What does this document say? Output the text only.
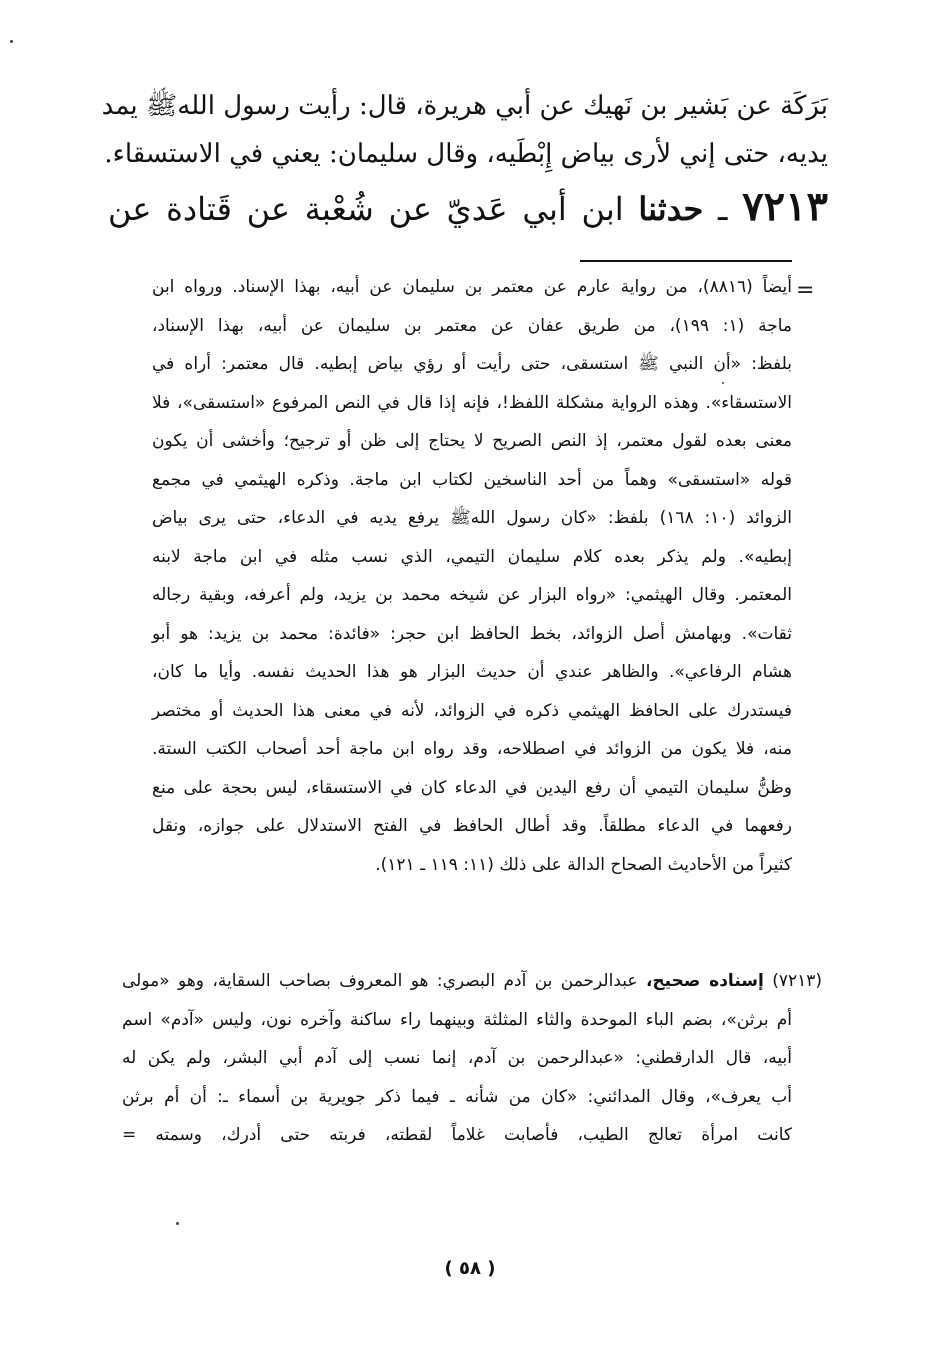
بَرَكَة عن بَشير بن نَهيك عن أبي هريرة، قال: رأيت رسول اللهﷺ يمد
يديه، حتى إني لأرى بياض إِبْطَيه، وقال سليمان: يعني في الاستسقاء.
٧٢١٣ ـ حدثنا ابن أبي عَديّ عن شُعْبة عن قَتادة عن
=
أيضاً (٨٨١٦)، من رواية عارم عن معتمر بن سليمان عن أبيه، بهذا الإسناد. ورواه ابن
ماجة (١: ١٩٩)، من طريق عفان عن معتمر بن سليمان عن أبيه، بهذا الإسناد،
بلفظ: «أن النبي ﷺ استسقى، حتى رأيت أو رؤي بياض إبطيه. قال معتمر: أراه في
الاستسقاء». وهذه الرواية مشكلة اللفظ!، فإنه إذا قال في النص المرفوع «استسقى»، فلا
معنى بعده لقول معتمر، إذ النص الصريح لا يحتاج إلى ظن أو ترجيح؛ وأخشى أن يكون
قوله «استسقى» وهماً من أحد الناسخين لكتاب ابن ماجة. وذكره الهيثمي في مجمع
الزوائد (١٠: ١٦٨) بلفظ: «كان رسول اللهﷺ يرفع يديه في الدعاء، حتى يرى بياض
إبطيه». ولم يذكر بعده كلام سليمان التيمي، الذي نسب مثله في ابن ماجة لابنه
المعتمر. وقال الهيثمي: «رواه البزار عن شيخه محمد بن يزيد، ولم أعرفه، وبقية رجاله
ثقات». وبهامش أصل الزوائد، بخط الحافظ ابن حجر: «فائدة: محمد بن يزيد: هو أبو
هشام الرفاعي». والظاهر عندي أن حديث البزار هو هذا الحديث نفسه. وأيا ما كان،
فيستدرك على الحافظ الهيثمي ذكره في الزوائد، لأنه في معنى هذا الحديث أو مختصر
منه، فلا يكون من الزوائد في اصطلاحه، وقد رواه ابن ماجة أحد أصحاب الكتب الستة.
وظنُّ سليمان التيمي أن رفع اليدين في الدعاء كان في الاستسقاء، ليس بحجة على منع
رفعهما في الدعاء مطلقاً. وقد أطال الحافظ في الفتح الاستدلال على جوازه، ونقل
كثيراً من الأحاديث الصحاح الدالة على ذلك (١١: ١١٩ ـ ١٢١).
(٧٢١٣) إسناده صحيح، عبدالرحمن بن آدم البصري: هو المعروف بصاحب السقاية، وهو «مولى
أم برثن»، بضم الباء الموحدة والثاء المثلثة وبينهما راء ساكنة وآخره نون، وليس «آدم» اسم
أبيه، قال الدارقطني: «عبدالرحمن بن آدم، إنما نسب إلى آدم أبي البشر، ولم يكن له
أب يعرف»، وقال المدائني: «كان من شأنه ـ فيما ذكر جويرية بن أسماء ـ: أن أم برثن
كانت امرأة تعالج الطيب، فأصابت غلاماً لقطته، فربته حتى أدرك، وسمته =
( ٥٨ )
